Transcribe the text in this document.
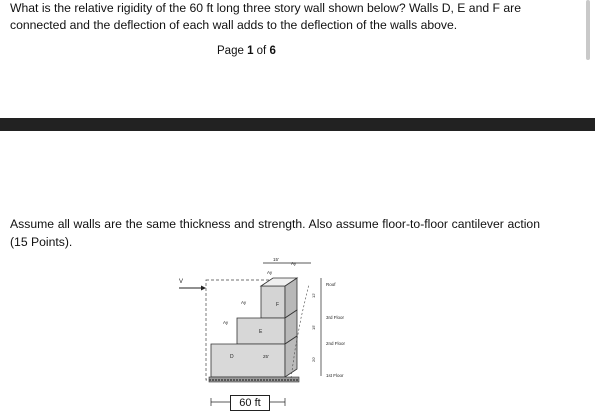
What is the relative rigidity of the 60 ft long three story wall shown below? Walls D, E and F are connected and the deflection of each wall adds to the deflection of the walls above.
Page 1 of 6
Assume all walls are the same thickness and strength. Also assume floor-to-floor cantilever action (15 Points).
V
15'
F
Ay
Ay
E
Ay
D	25'
Ay
12'
15'
20'
Roof
3rd Floor
2nd Floor
1st Floor
60 ft
